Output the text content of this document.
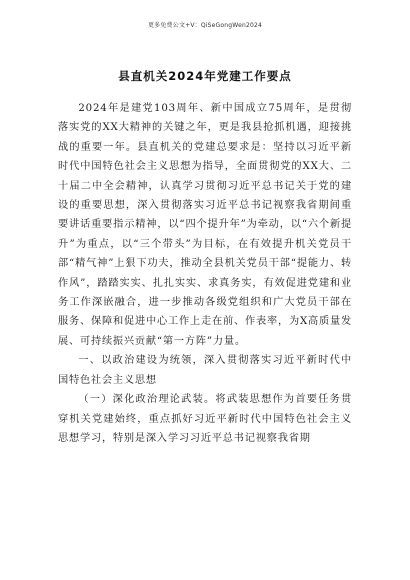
更多免费公文+V：QiSeGongWen2024
县直机关2024年党建工作要点

2024年是建党103周年、新中国成立75周年，是贯彻落实党的XX大精神的关键之年，更是我县抢抓机遇，迎接挑战的重要一年。县直机关的党建总要求是：坚持以习近平新时代中国特色社会主义思想为指导，全面贯彻党的XX大、二十届二中全会精神，认真学习贯彻习近平总书记关于党的建设的重要思想，深入贯彻落实习近平总书记视察我省期间重要讲话重要指示精神，以“四个提升年”为牵动，以“六个新提升”为重点，以“三个带头”为目标，在有效提升机关党员干部“精气神”上狠下功夫，推动全县机关党员干部“提能力、转作风”，踏踏实实、扎扎实实、求真务实，有效促进党建和业务工作深嵌融合，进一步推动各级党组织和广大党员干部在服务、保障和促进中心工作上走在前、作表率，为X高质量发展、可持续振兴贡献“第一方阵”力量。

一、以政治建设为统领，深入贯彻落实习近平新时代中国特色社会主义思想

（一）深化政治理论武装。将武装思想作为首要任务贯穿机关党建始终，重点抓好习近平新时代中国特色社会主义思想学习，特别是深入学习习近平总书记视察我省期
